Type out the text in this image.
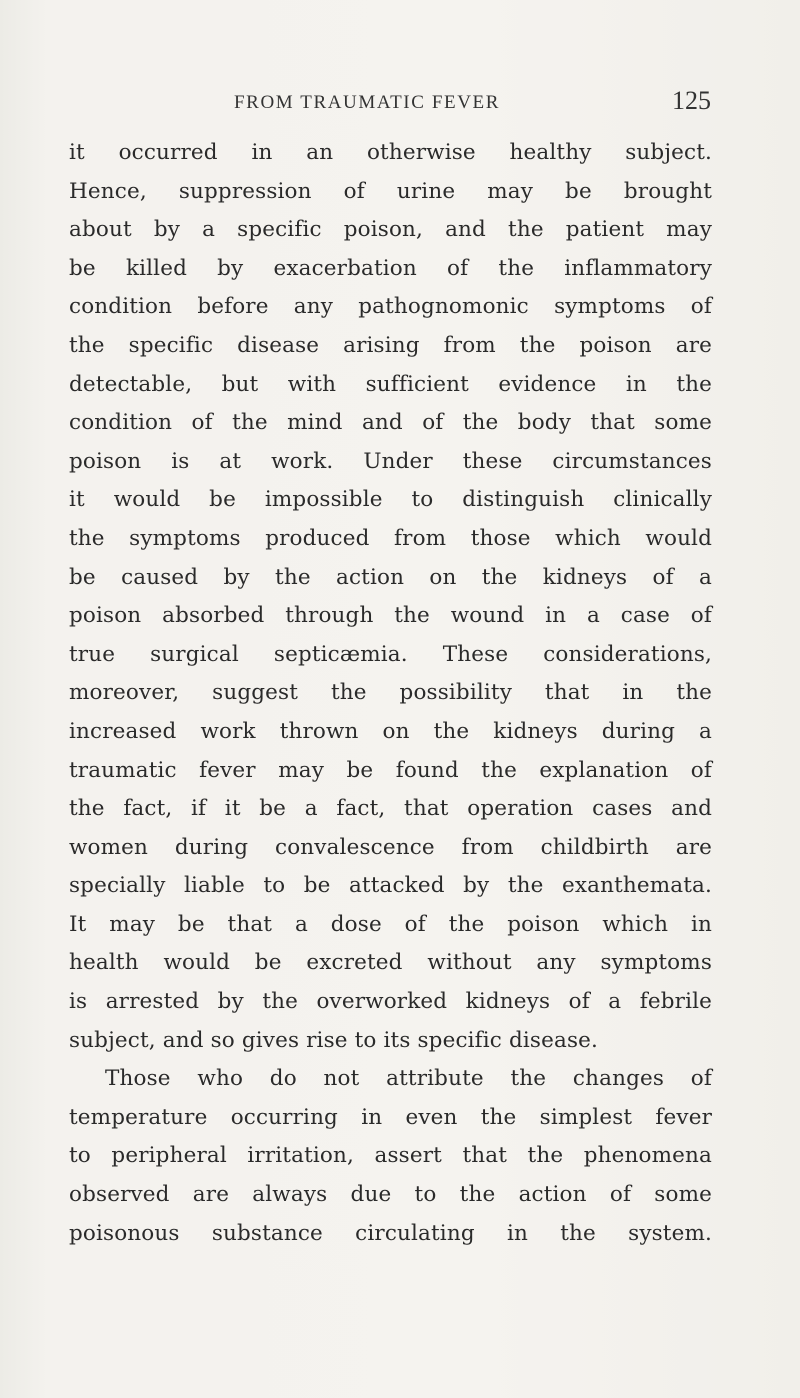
FROM TRAUMATIC FEVER	125
it occurred in an otherwise healthy subject.
Hence, suppression of urine may be brought
about by a specific poison, and the patient may
be killed by exacerbation of the inflammatory
condition before any pathognomonic symptoms of
the specific disease arising from the poison are
detectable, but with sufficient evidence in the
condition of the mind and of the body that some
poison is at work. Under these circumstances
it would be impossible to distinguish clinically
the symptoms produced from those which would
be caused by the action on the kidneys of a
poison absorbed through the wound in a case of
true surgical septicæmia. These considerations,
moreover, suggest the possibility that in the
increased work thrown on the kidneys during a
traumatic fever may be found the explanation of
the fact, if it be a fact, that operation cases and
women during convalescence from childbirth are
specially liable to be attacked by the exanthemata.
It may be that a dose of the poison which in
health would be excreted without any symptoms
is arrested by the overworked kidneys of a febrile
subject, and so gives rise to its specific disease.
Those who do not attribute the changes of
temperature occurring in even the simplest fever
to peripheral irritation, assert that the phenomena
observed are always due to the action of some
poisonous substance circulating in the system.
